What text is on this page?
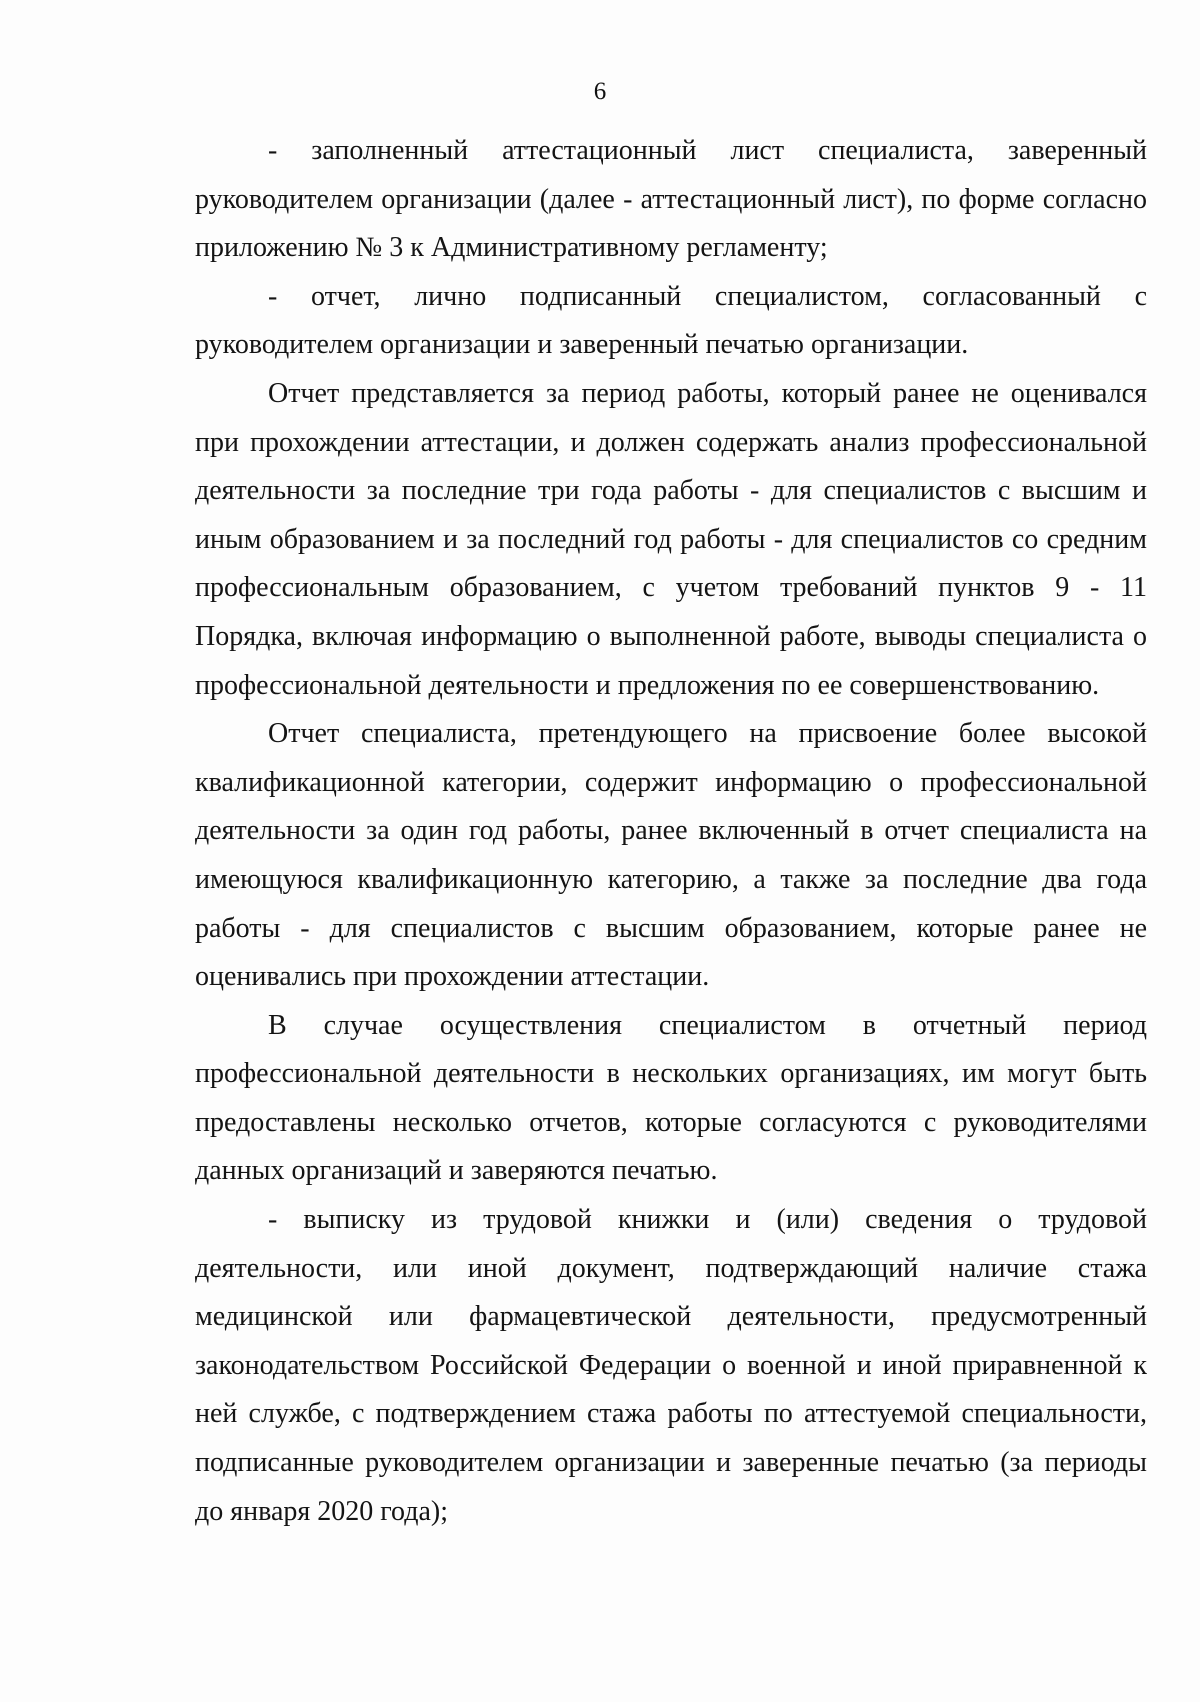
6

- заполненный аттестационный лист специалиста, заверенный руководителем организации (далее - аттестационный лист), по форме согласно приложению № 3 к Административному регламенту;

- отчет, лично подписанный специалистом, согласованный с руководителем организации и заверенный печатью организации.

Отчет представляется за период работы, который ранее не оценивался при прохождении аттестации, и должен содержать анализ профессиональной деятельности за последние три года работы - для специалистов с высшим и иным образованием и за последний год работы - для специалистов со средним профессиональным образованием, с учетом требований пунктов 9 - 11 Порядка, включая информацию о выполненной работе, выводы специалиста о профессиональной деятельности и предложения по ее совершенствованию.

Отчет специалиста, претендующего на присвоение более высокой квалификационной категории, содержит информацию о профессиональной деятельности за один год работы, ранее включенный в отчет специалиста на имеющуюся квалификационную категорию, а также за последние два года работы - для специалистов с высшим образованием, которые ранее не оценивались при прохождении аттестации.

В случае осуществления специалистом в отчетный период профессиональной деятельности в нескольких организациях, им могут быть предоставлены несколько отчетов, которые согласуются с руководителями данных организаций и заверяются печатью.

- выписку из трудовой книжки и (или) сведения о трудовой деятельности, или иной документ, подтверждающий наличие стажа медицинской или фармацевтической деятельности, предусмотренный законодательством Российской Федерации о военной и иной приравненной к ней службе, с подтверждением стажа работы по аттестуемой специальности, подписанные руководителем организации и заверенные печатью (за периоды до января 2020 года);
